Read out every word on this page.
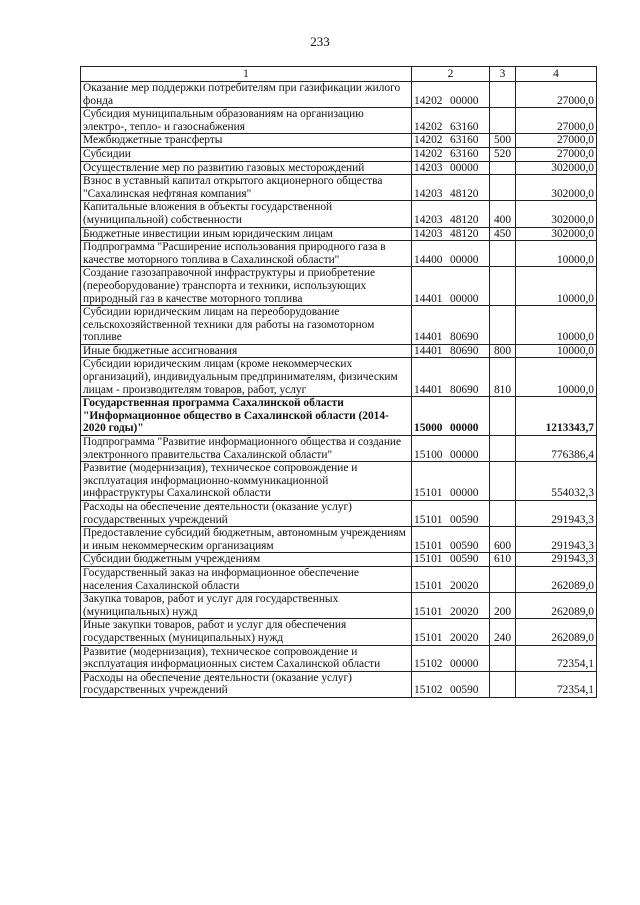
233
1	2	3	4
Оказание мер поддержки потребителям при газификации жилого фонда	14202 00000		27000,0
Субсидия муниципальным образованиям на организацию электро-, тепло- и газоснабжения	14202 63160		27000,0
Межбюджетные трансферты	14202 63160	500	27000,0
Субсидии	14202 63160	520	27000,0
Осуществление мер по развитию газовых месторождений	14203 00000		302000,0
Взнос в уставный капитал открытого акционерного общества "Сахалинская нефтяная компания"	14203 48120		302000,0
Капитальные вложения в объекты государственной (муниципальной) собственности	14203 48120	400	302000,0
Бюджетные инвестиции иным юридическим лицам	14203 48120	450	302000,0
Подпрограмма "Расширение использования природного газа в качестве моторного топлива в Сахалинской области"	14400 00000		10000,0
Создание газозаправочной инфраструктуры и приобретение (переоборудование) транспорта и техники, использующих природный газ в качестве моторного топлива	14401 00000		10000,0
Субсидии юридическим лицам на переоборудование сельскохозяйственной техники для работы на газомоторном топливе	14401 80690		10000,0
Иные бюджетные ассигнования	14401 80690	800	10000,0
Субсидии юридическим лицам (кроме некоммерческих организаций), индивидуальным предпринимателям, физическим лицам - производителям товаров, работ, услуг	14401 80690	810	10000,0
Государственная программа Сахалинской области "Информационное общество в Сахалинской области (2014-2020 годы)"	15000 00000		1213343,7
Подпрограмма "Развитие информационного общества и создание электронного правительства Сахалинской области"	15100 00000		776386,4
Развитие (модернизация), техническое сопровождение и эксплуатация информационно-коммуникационной инфраструктуры Сахалинской области	15101 00000		554032,3
Расходы на обеспечение деятельности (оказание услуг) государственных учреждений	15101 00590		291943,3
Предоставление субсидий бюджетным, автономным учреждениям и иным некоммерческим организациям	15101 00590	600	291943,3
Субсидии бюджетным учреждениям	15101 00590	610	291943,3
Государственный заказ на информационное обеспечение населения Сахалинской области	15101 20020		262089,0
Закупка товаров, работ и услуг для государственных (муниципальных) нужд	15101 20020	200	262089,0
Иные закупки товаров, работ и услуг для обеспечения государственных (муниципальных) нужд	15101 20020	240	262089,0
Развитие (модернизация), техническое сопровождение и эксплуатация информационных систем Сахалинской области	15102 00000		72354,1
Расходы на обеспечение деятельности (оказание услуг) государственных учреждений	15102 00590		72354,1
